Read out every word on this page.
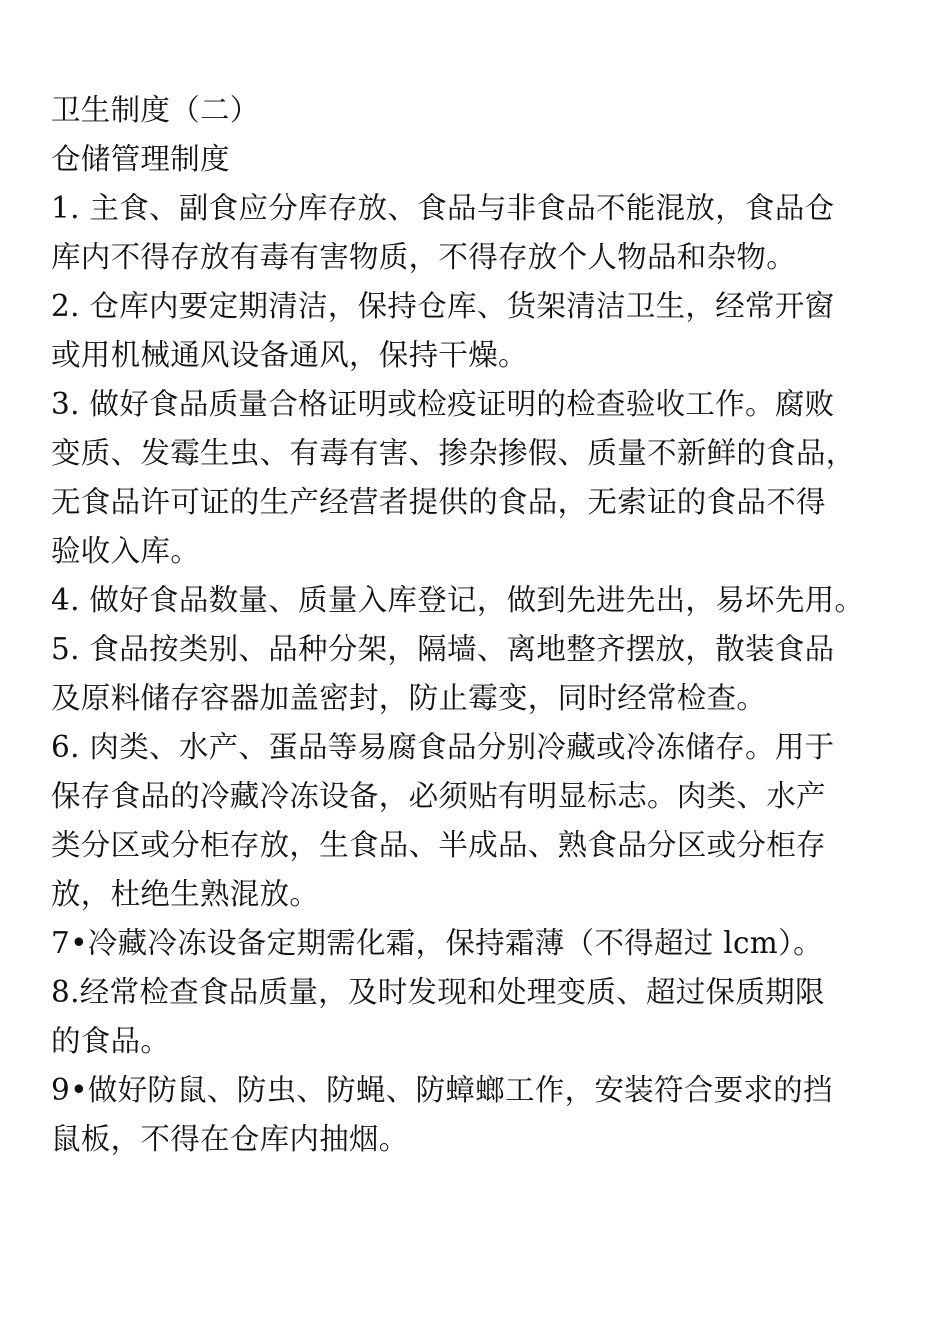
卫生制度（二）
仓储管理制度
1. 主食、副食应分库存放、食品与非食品不能混放，食品仓
库内不得存放有毒有害物质，不得存放个人物品和杂物。
2. 仓库内要定期清洁，保持仓库、货架清洁卫生，经常开窗
或用机械通风设备通风，保持干燥。
3. 做好食品质量合格证明或检疫证明的检查验收工作。腐败
变质、发霉生虫、有毒有害、掺杂掺假、质量不新鲜的食品，
无食品许可证的生产经营者提供的食品，无索证的食品不得
验收入库。
4. 做好食品数量、质量入库登记，做到先进先出，易坏先用。
5. 食品按类别、品种分架，隔墙、离地整齐摆放，散装食品
及原料储存容器加盖密封，防止霉变，同时经常检查。
6. 肉类、水产、蛋品等易腐食品分别冷藏或冷冻储存。用于
保存食品的冷藏冷冻设备，必须贴有明显标志。肉类、水产
类分区或分柜存放，生食品、半成品、熟食品分区或分柜存
放，杜绝生熟混放。
7•冷藏冷冻设备定期需化霜，保持霜薄（不得超过 lcm）。
8.经常检查食品质量，及时发现和处理变质、超过保质期限
的食品。
9•做好防鼠、防虫、防蝇、防蟑螂工作，安装符合要求的挡
鼠板，不得在仓库内抽烟。
